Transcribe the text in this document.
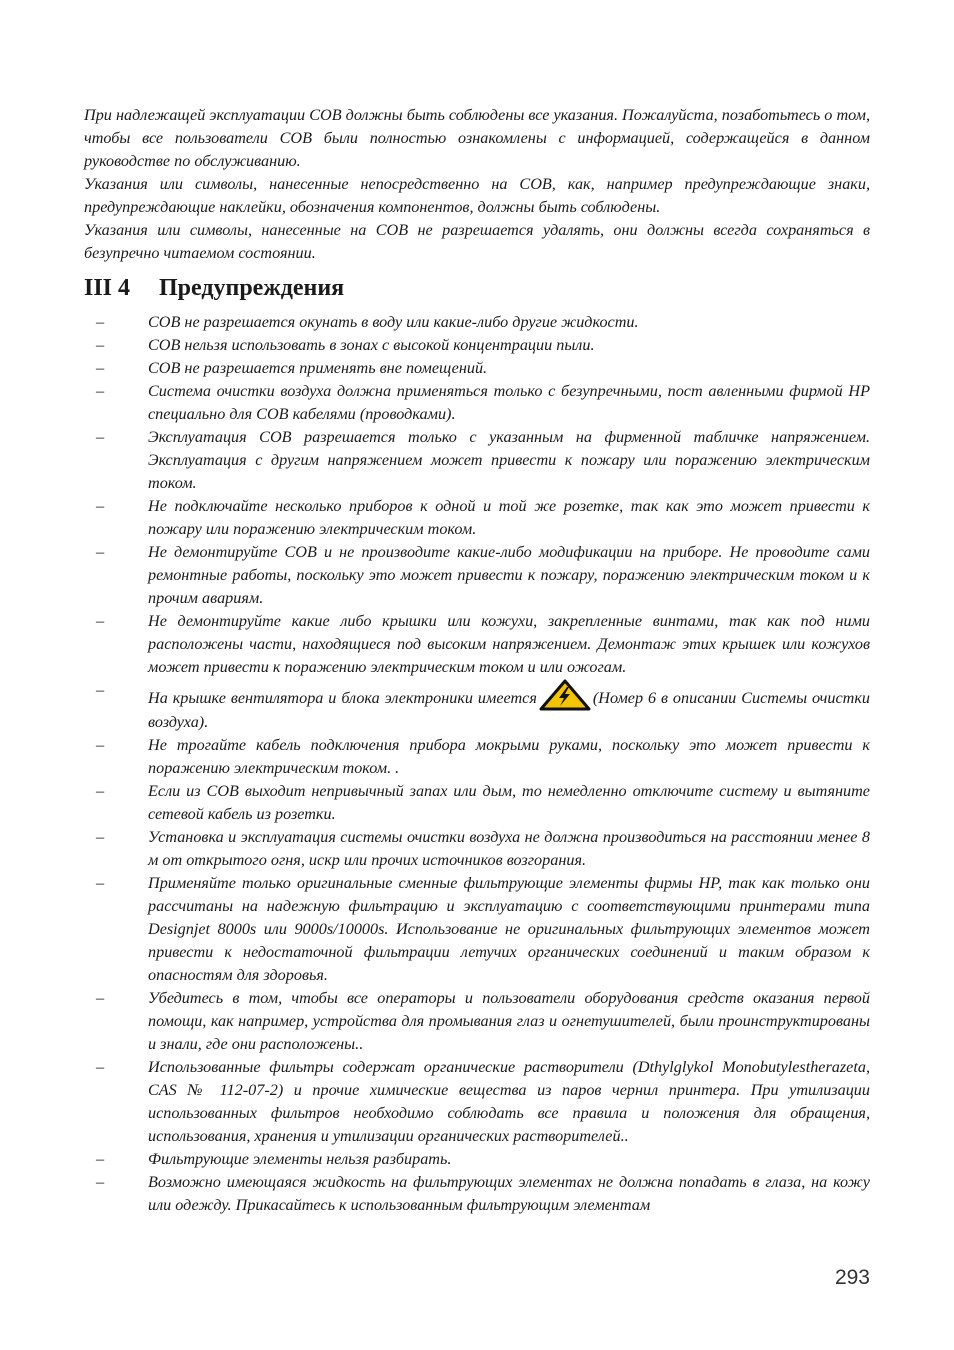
При надлежащей эксплуатации СОВ должны быть соблюдены все указания. Пожалуйста, позаботьтесь о том, чтобы все пользователи СОВ были полностью ознакомлены с информацией, содержащейся в данном руководстве по обслуживанию.

Указания или символы, нанесенные непосредственно на СОВ, как, например предупреждающие знаки, предупреждающие наклейки, обозначения компонентов, должны быть соблюдены.

Указания или символы, нанесенные на СОВ не разрешается удалять, они должны всегда сохраняться в безупречно читаемом состоянии.

III 4 Предупреждения
–	СОВ не разрешается окунать в воду или какие-либо другие жидкости.
–	СОВ нельзя использовать в зонах с высокой концентрации пыли.
–	СОВ не разрешается применять вне помещений.
–	Система очистки воздуха должна применяться только с безупречными, пост авленными фирмой HP специально для СОВ кабелями (проводками).
–	Эксплуатация СОВ разрешается только с указанным на фирменной табличке напряжением. Эксплуатация с другим напряжением может привести к пожару или поражению электрическим током.
–	Не подключайте несколько приборов к одной и той же розетке, так как это может привести к пожару или поражению электрическим током.
–	Не демонтируйте СОВ и не производите какие-либо модификации на приборе. Не проводите сами ремонтные работы, поскольку это может привести к пожару, поражению электрическим током и к прочим авариям.
–	Не демонтируйте какие либо крышки или кожухи, закрепленные винтами, так как под ними расположены части, находящиеся под высоким напряжением. Демонтаж этих крышек или кожухов может привести к поражению электрическим током и или ожогам.
–	На крышке вентилятора и блока электроники имеется	(Номер 6 в описании Системы очистки воздуха).
–	Не трогайте кабель подключения прибора мокрыми руками, поскольку это может привести к поражению электрическим током. .
–	Если из СОВ выходит непривычный запах или дым, то немедленно отключите систему и вытяните сетевой кабель из розетки.
–	Установка и эксплуатация системы очистки воздуха не должна производиться на расстоянии менее 8 м от открытого огня, искр или прочих источников возгорания.
–	Применяйте только оригинальные сменные фильтрующие элементы фирмы HP, так как только они рассчитаны на надежную фильтрацию и эксплуатацию с соответствующими принтерами типа Designjet 8000s или 9000s/10000s. Использование не оригинальных фильтрующих элементов может привести к недостаточной фильтрации летучих органических соединений и таким образом к опасностям для здоровья.
–	Убедитесь в том, чтобы все операторы и пользователи оборудования средств оказания первой помощи, как например, устройства для промывания глаз и огнетушителей, были проинструктированы и знали, где они расположены..
–	Использованные фильтры содержат органические растворители (Dthylglykol Monobutylestherazeta, CAS № 112-07-2) и прочие химические вещества из паров чернил принтера. При утилизации использованных фильтров необходимо соблюдать все правила и положения для обращения, использования, хранения и утилизации органических растворителей..
–	Фильтрующие элементы нельзя разбирать.
–	Возможно имеющаяся жидкость на фильтрующих элементах не должна попадать в глаза, на кожу или одежду. Прикасайтесь к использованным фильтрующим элементам
293
